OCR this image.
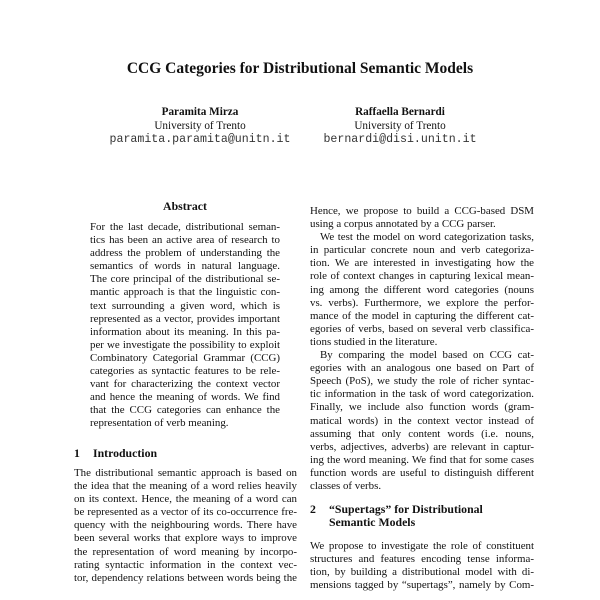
CCG Categories for Distributional Semantic Models
Paramita Mirza
University of Trento
paramita.paramita@unitn.it
Raffaella Bernardi
University of Trento
bernardi@disi.unitn.it
Abstract
For the last decade, distributional seman-
tics has been an active area of research to
address the problem of understanding the
semantics of words in natural language.
The core principal of the distributional se-
mantic approach is that the linguistic con-
text surrounding a given word, which is
represented as a vector, provides important
information about its meaning. In this pa-
per we investigate the possibility to exploit
Combinatory Categorial Grammar (CCG)
categories as syntactic features to be rele-
vant for characterizing the context vector
and hence the meaning of words. We find
that the CCG categories can enhance the
representation of verb meaning.
1 Introduction
The distributional semantic approach is based on
the idea that the meaning of a word relies heavily
on its context. Hence, the meaning of a word can
be represented as a vector of its co-occurrence fre-
quency with the neighbouring words. There have
been several works that explore ways to improve
the representation of word meaning by incorpo-
rating syntactic information in the context vec-
tor, dependency relations between words being the
Hence, we propose to build a CCG-based DSM
using a corpus annotated by a CCG parser.
We test the model on word categorization tasks,
in particular concrete noun and verb categoriza-
tion. We are interested in investigating how the
role of context changes in capturing lexical mean-
ing among the different word categories (nouns
vs. verbs). Furthermore, we explore the perfor-
mance of the model in capturing the different cat-
egories of verbs, based on several verb classifica-
tions studied in the literature.
By comparing the model based on CCG cat-
egories with an analogous one based on Part of
Speech (PoS), we study the role of richer syntac-
tic information in the task of word categorization.
Finally, we include also function words (gram-
matical words) in the context vector instead of
assuming that only content words (i.e. nouns,
verbs, adjectives, adverbs) are relevant in captur-
ing the word meaning. We find that for some cases
function words are useful to distinguish different
classes of verbs.
2 “Supertags” for Distributional
Semantic Models
We propose to investigate the role of constituent
structures and features encoding tense informa-
tion, by building a distributional model with di-
mensions tagged by “supertags”, namely by Com-
